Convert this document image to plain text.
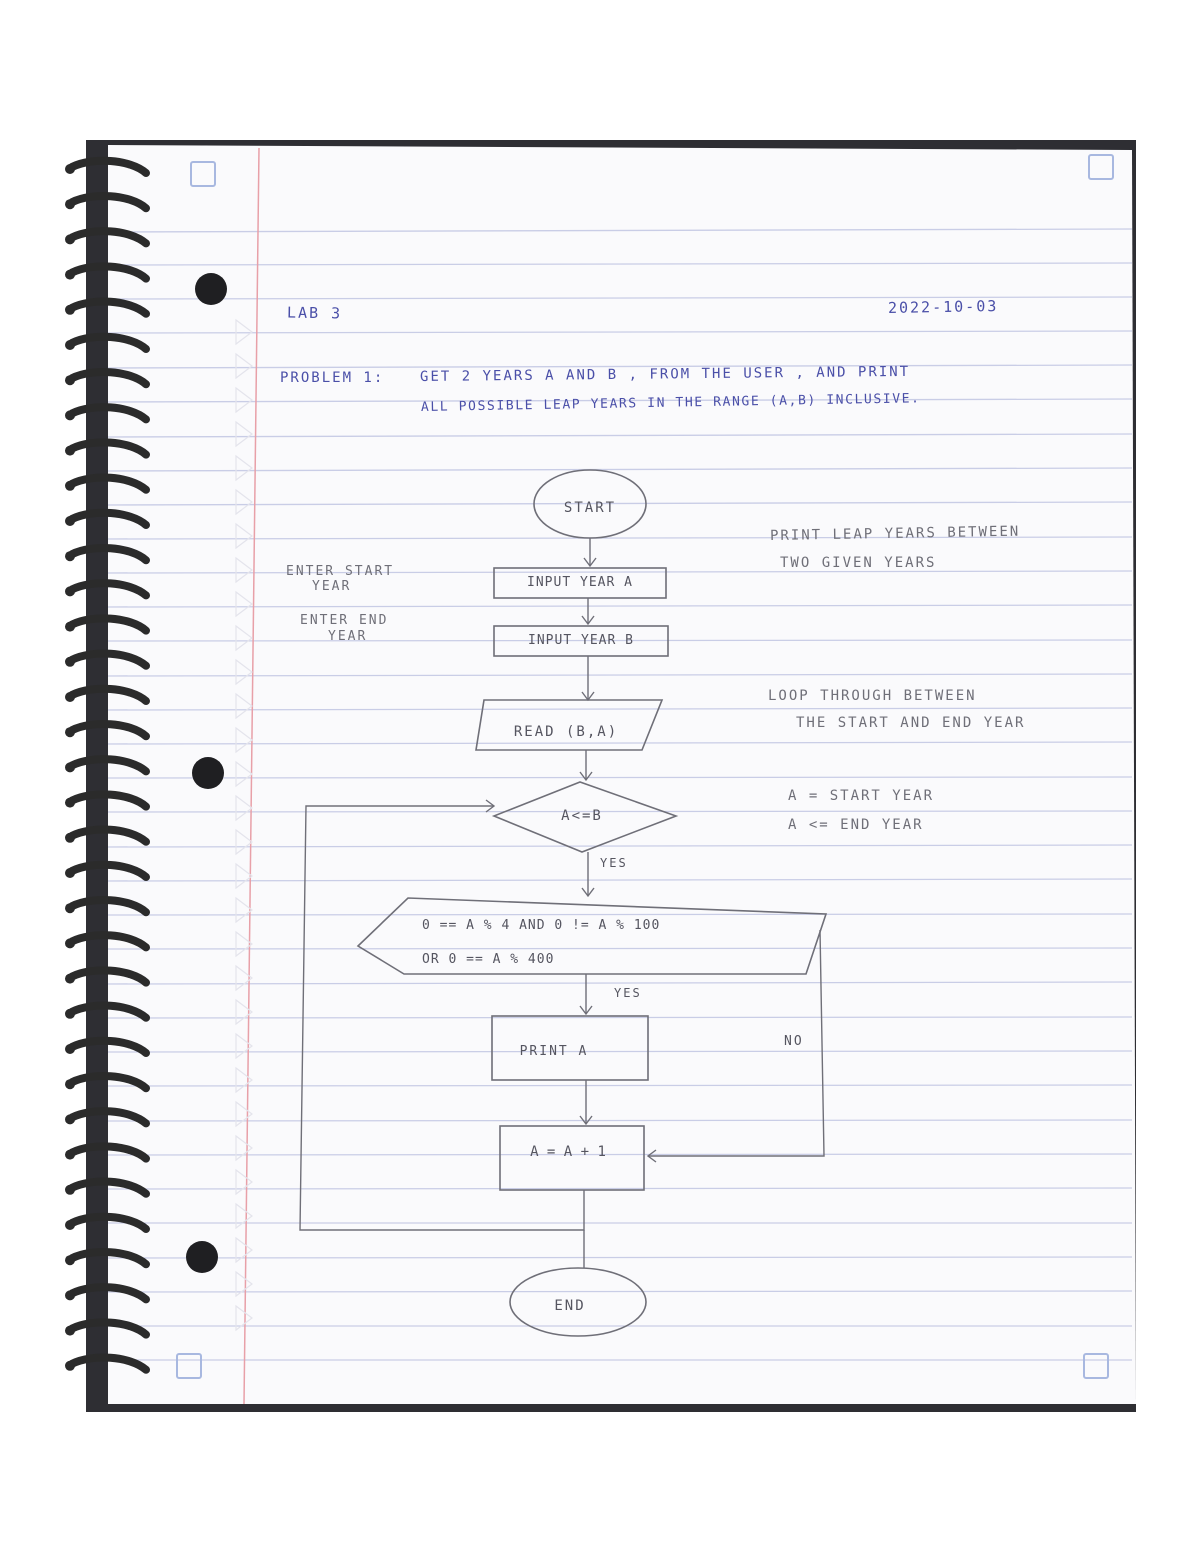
LAB 3	2022-10-03
PROBLEM 1:	GET 2 YEARS A AND B , FROM THE USER , AND PRINT
ALL POSSIBLE LEAP YEARS IN THE RANGE (A,B) INCLUSIVE.
START
INPUT YEAR A
INPUT YEAR B
READ (B,A)
A<=B
YES
0 == A % 4 AND 0 != A % 100
OR 0 == A % 400
YES
PRINT A
NO
A = A + 1
END
ENTER START
YEAR
ENTER END
YEAR
PRINT LEAP YEARS BETWEEN
TWO GIVEN YEARS
LOOP THROUGH BETWEEN
THE START AND END YEAR
A = START YEAR
A <= END YEAR
